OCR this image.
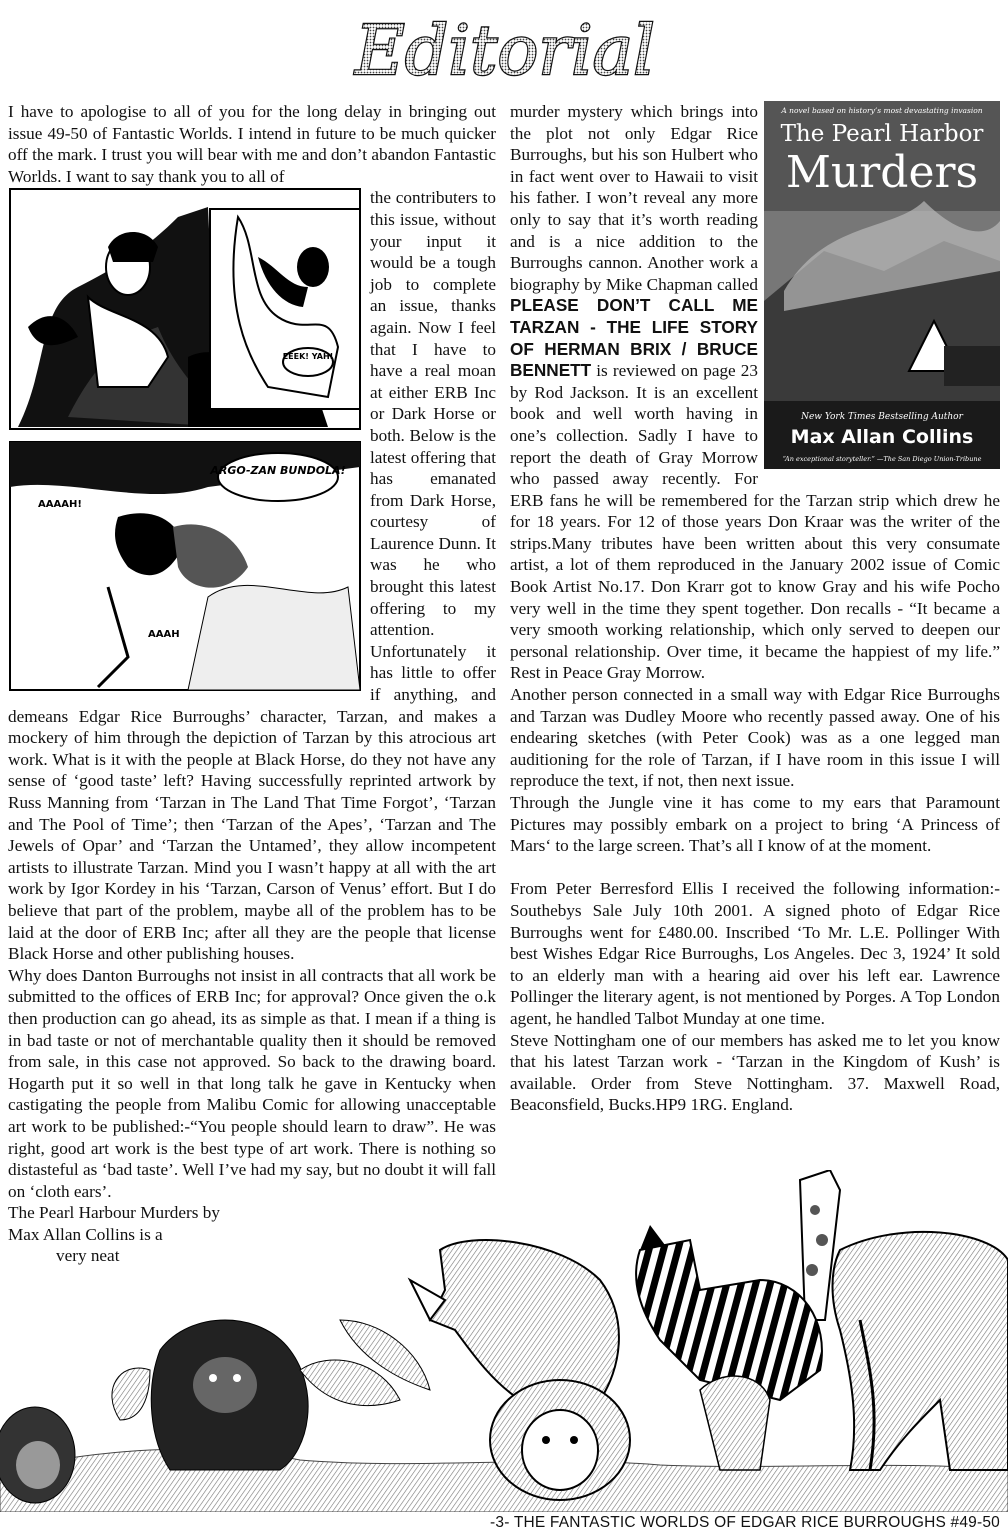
Editorial

I have to apologise to all of you for the long delay in bringing out issue 49-50 of Fantastic Worlds. I intend in future to be much quicker off the mark. I trust you will bear with me and don’t abandon Fantastic Worlds. I want to say thank you to all of

EEEK! YAH!
ARGO-ZAN BUNDOLA!
AAAAH!
AAAH

the contributers to this issue, without your input it would be a tough job to complete an issue, thanks again. Now I feel that I have to have a real moan at either ERB Inc or Dark Horse or both. Below is the latest offering that has emanated from Dark Horse, courtesy of Laurence Dunn. It was he who brought this latest offering to my attention. Unfortunately it has little to offer if anything, and demeans Edgar Rice Burroughs’ character, Tarzan, and makes a mockery of him through the depiction of Tarzan by this atrocious art work. What is it with the people at Black Horse, do they not have any sense of ‘good taste’ left? Having successfully reprinted artwork by Russ Manning from ‘Tarzan in The Land That Time Forgot’, ‘Tarzan and The Pool of Time’; then ‘Tarzan of the Apes’, ‘Tarzan and The Jewels of Opar’ and ‘Tarzan the Untamed’, they allow incompetent artists to illustrate Tarzan. Mind you I wasn’t happy at all with the art work by Igor Kordey in his ‘Tarzan, Carson of Venus’ effort. But I do believe that part of the problem, maybe all of the problem has to be laid at the door of ERB Inc; after all they are the people that license Black Horse and other publishing houses.

Why does Danton Burroughs not insist in all contracts that all work be submitted to the offices of ERB Inc; for approval? Once given the o.k then production can go ahead, its as simple as that. I mean if a thing is in bad taste or not of merchantable quality then it should be removed from sale, in this case not approved. So back to the drawing board. Hogarth put it so well in that long talk he gave in Kentucky when castigating the people from Malibu Comic for allowing unacceptable art work to be published:-“You people should learn to draw”. He was right, good art work is the best type of art work. There is nothing so distasteful as ‘bad taste’. Well I’ve had my say, but no doubt it will fall on ‘cloth ears’.

The Pearl Harbour Murders by

Max Allan Collins is a

very neat

A novel based on history’s most devastating invasion
The Pearl Harbor
Murders
New York Times Bestselling Author
Max Allan Collins
“An exceptional storyteller.” —The San Diego Union-Tribune

murder mystery which brings into the plot not only Edgar Rice Burroughs, but his son Hulbert who in fact went over to Hawaii to visit his father. I won’t reveal any more only to say that it’s worth reading and is a nice addition to the Burroughs cannon. Another work a biography by Mike Chapman called PLEASE DON’T CALL ME TARZAN - THE LIFE STORY OF HERMAN BRIX / BRUCE BENNETT is reviewed on page 23 by Rod Jackson. It is an excellent book and well worth having in one’s collection. Sadly I have to report the death of Gray Morrow who passed away recently. For ERB fans he will be remembered for the Tarzan strip which drew he for 18 years. For 12 of those years Don Kraar was the writer of the strips.Many tributes have been written about this very consumate artist, a lot of them reproduced in the January 2002 issue of Comic Book Artist No.17. Don Krarr got to know Gray and his wife Pocho very well in the time they spent together. Don recalls - “It became a very smooth working relationship, which only served to deepen our personal relationship. Over time, it became the happiest of my life.” Rest in Peace Gray Morrow.

Another person connected in a small way with Edgar Rice Burroughs and Tarzan was Dudley Moore who recently passed away. One of his endearing sketches (with Peter Cook) was as a one legged man auditioning for the role of Tarzan, if I have room in this issue I will reproduce the text, if not, then next issue.

Through the Jungle vine it has come to my ears that Paramount Pictures may possibly embark on a project to bring ‘A Princess of Mars‘ to the large screen. That’s all I know of at the moment.

From Peter Berresford Ellis I received the following information:-Southebys Sale July 10th 2001. A signed photo of Edgar Rice Burroughs went for £480.00. Inscribed ‘To Mr. L.E. Pollinger With best Wishes Edgar Rice Burroughs, Los Angeles. Dec 3, 1924’ It sold to an elderly man with a hearing aid over his left ear. Lawrence Pollinger the literary agent, is not mentioned by Porges. A Top London agent, he handled Talbot Munday at one time.

Steve Nottingham one of our members has asked me to let you know that his latest Tarzan work - ‘Tarzan in the Kingdom of Kush’ is available. Order from Steve Nottingham. 37. Maxwell Road, Beaconsfield, Bucks.HP9 1RG. England.

-3- THE FANTASTIC WORLDS OF EDGAR RICE BURROUGHS #49-50
